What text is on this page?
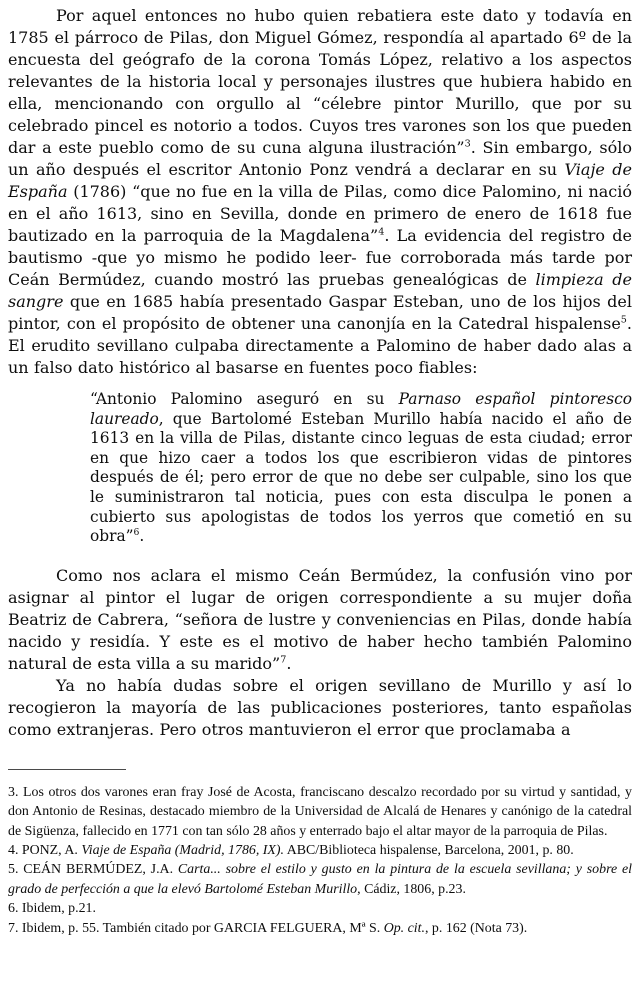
Por aquel entonces no hubo quien rebatiera este dato y todavía en 1785 el párroco de Pilas, don Miguel Gómez, respondía al apartado 6º de la encuesta del geógrafo de la corona Tomás López, relativo a los aspectos relevantes de la historia local y personajes ilustres que hubiera habido en ella, mencionando con orgullo al “célebre pintor Murillo, que por su celebrado pincel es notorio a todos. Cuyos tres varones son los que pueden dar a este pueblo como de su cuna alguna ilustración”$^3$. Sin embargo, sólo un año después el escritor Antonio Ponz vendrá a declarar en su Viaje de España (1786) “que no fue en la villa de Pilas, como dice Palomino, ni nació en el año 1613, sino en Sevilla, donde en primero de enero de 1618 fue bautizado en la parroquia de la Magdalena”$^4$. La evidencia del registro de bautismo -que yo mismo he podido leer- fue corroborada más tarde por Ceán Bermúdez, cuando mostró las pruebas genealógicas de limpieza de sangre que en 1685 había presentado Gaspar Esteban, uno de los hijos del pintor, con el propósito de obtener una canonjía en la Catedral hispalense$^5$. El erudito sevillano culpaba directamente a Palomino de haber dado alas a un falso dato histórico al basarse en fuentes poco fiables:

“Antonio Palomino aseguró en su Parnaso español pintoresco laureado, que Bartolomé Esteban Murillo había nacido el año de 1613 en la villa de Pilas, distante cinco leguas de esta ciudad; error en que hizo caer a todos los que escribieron vidas de pintores después de él; pero error de que no debe ser culpable, sino los que le suministraron tal noticia, pues con esta disculpa le ponen a cubierto sus apologistas de todos los yerros que cometió en su obra”$^6$.

Como nos aclara el mismo Ceán Bermúdez, la confusión vino por asignar al pintor el lugar de origen correspondiente a su mujer doña Beatriz de Cabrera, “señora de lustre y conveniencias en Pilas, donde había nacido y residía. Y este es el motivo de haber hecho también Palomino natural de esta villa a su marido”$^7$.

Ya no había dudas sobre el origen sevillano de Murillo y así lo recogieron la mayoría de las publicaciones posteriores, tanto españolas como extranjeras. Pero otros mantuvieron el error que proclamaba a

3. Los otros dos varones eran fray José de Acosta, franciscano descalzo recordado por su virtud y santidad, y don Antonio de Resinas, destacado miembro de la Universidad de Alcalá de Henares y canónigo de la catedral de Sigüenza, fallecido en 1771 con tan sólo 28 años y enterrado bajo el altar mayor de la parroquia de Pilas.

4. PONZ, A. Viaje de España (Madrid, 1786, IX). ABC/Biblioteca hispalense, Barcelona, 2001, p. 80.

5. CEÁN BERMÚDEZ, J.A. Carta... sobre el estilo y gusto en la pintura de la escuela sevillana; y sobre el grado de perfección a que la elevó Bartolomé Esteban Murillo, Cádiz, 1806, p.23.

6. Ibidem, p.21.

7. Ibidem, p. 55. También citado por GARCIA FELGUERA, Mª S. Op. cit., p. 162 (Nota 73).
